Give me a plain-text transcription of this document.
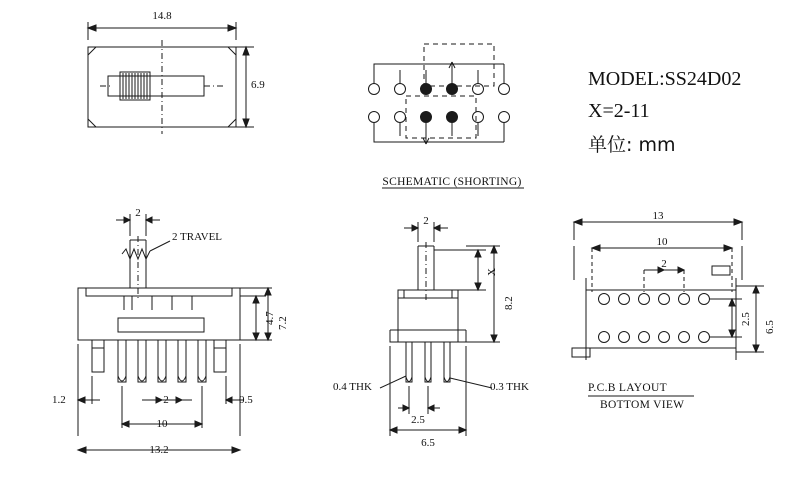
14.8
6.9
SCHEMATIC (SHORTING)
MODEL:SS24D02
X=2-11
单位: mm
2
2 TRAVEL
4.7 7.2
1.2	2	0.5
10
13.2
2
X
8.2
0.4 THK	0.3 THK
2.5
6.5
13
10
2
2.5
6.5
P.C.B LAYOUT
BOTTOM VIEW
